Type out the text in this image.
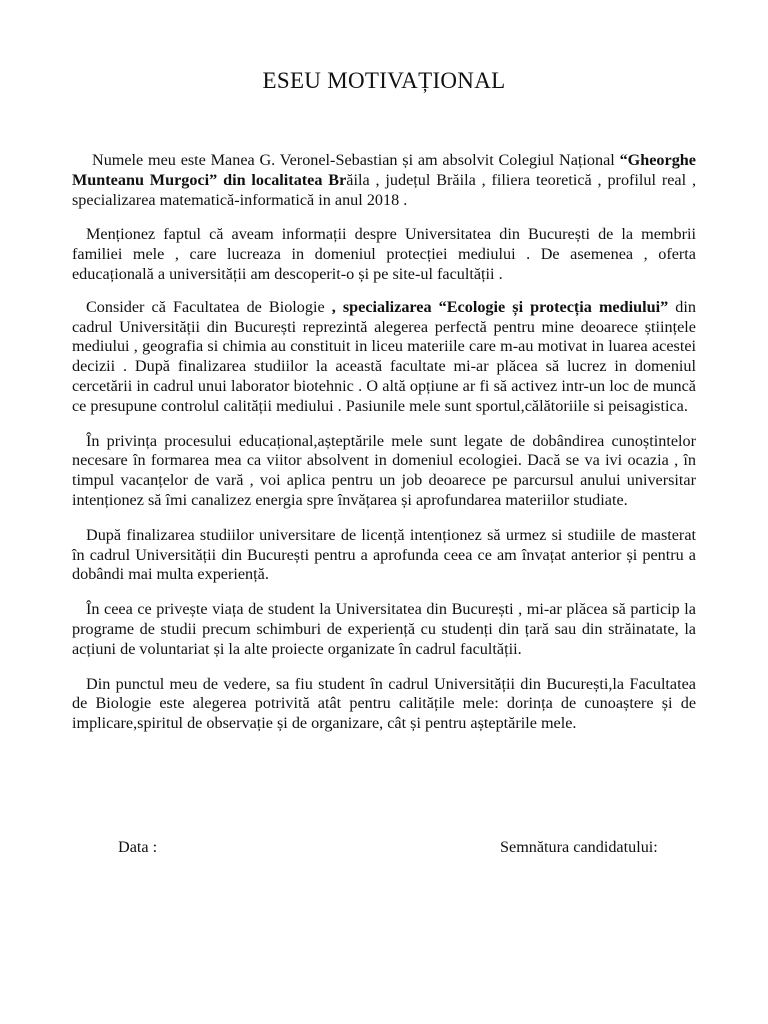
ESEU MOTIVAȚIONAL

Numele meu este Manea G. Veronel-Sebastian și am absolvit Colegiul Național “Gheorghe Munteanu Murgoci” din localitatea Brăila , județul Brăila , filiera teoretică , profilul real , specializarea matematică-informatică in anul 2018 .

Menționez faptul că aveam informații despre Universitatea din București de la membrii familiei mele , care lucreaza in domeniul protecției mediului . De asemenea , oferta educațională a universității am descoperit-o și pe site-ul facultății .

Consider că Facultatea de Biologie , specializarea “Ecologie și protecția mediului” din cadrul Universității din București reprezintă alegerea perfectă pentru mine deoarece științele mediului , geografia si chimia au constituit in liceu materiile care m-au motivat in luarea acestei decizii . După finalizarea studiilor la această facultate mi-ar plăcea să lucrez in domeniul cercetării in cadrul unui laborator biotehnic . O altă opțiune ar fi să activez intr-un loc de muncă ce presupune controlul calității mediului . Pasiunile mele sunt sportul,călătoriile si peisagistica.

În privința procesului educațional,așteptările mele sunt legate de dobândirea cunoștintelor necesare în formarea mea ca viitor absolvent in domeniul ecologiei. Dacă se va ivi ocazia , în timpul vacanțelor de vară , voi aplica pentru un job deoarece pe parcursul anului universitar intenționez să îmi canalizez energia spre învățarea și aprofundarea materiilor studiate.

După finalizarea studiilor universitare de licență intenționez să urmez si studiile de masterat în cadrul Universității din București pentru a aprofunda ceea ce am învațat anterior și pentru a dobândi mai multa experiență.

În ceea ce privește viața de student la Universitatea din București , mi-ar plăcea să particip la programe de studii precum schimburi de experiență cu studenți din țară sau din străinatate, la acțiuni de voluntariat și la alte proiecte organizate în cadrul facultății.

Din punctul meu de vedere, sa fiu student în cadrul Universității din București,la Facultatea de Biologie este alegerea potrivită atât pentru calitățile mele: dorința de cunoaștere și de implicare,spiritul de observație și de organizare, cât și pentru așteptările mele.

Data :	Semnătura candidatului:
